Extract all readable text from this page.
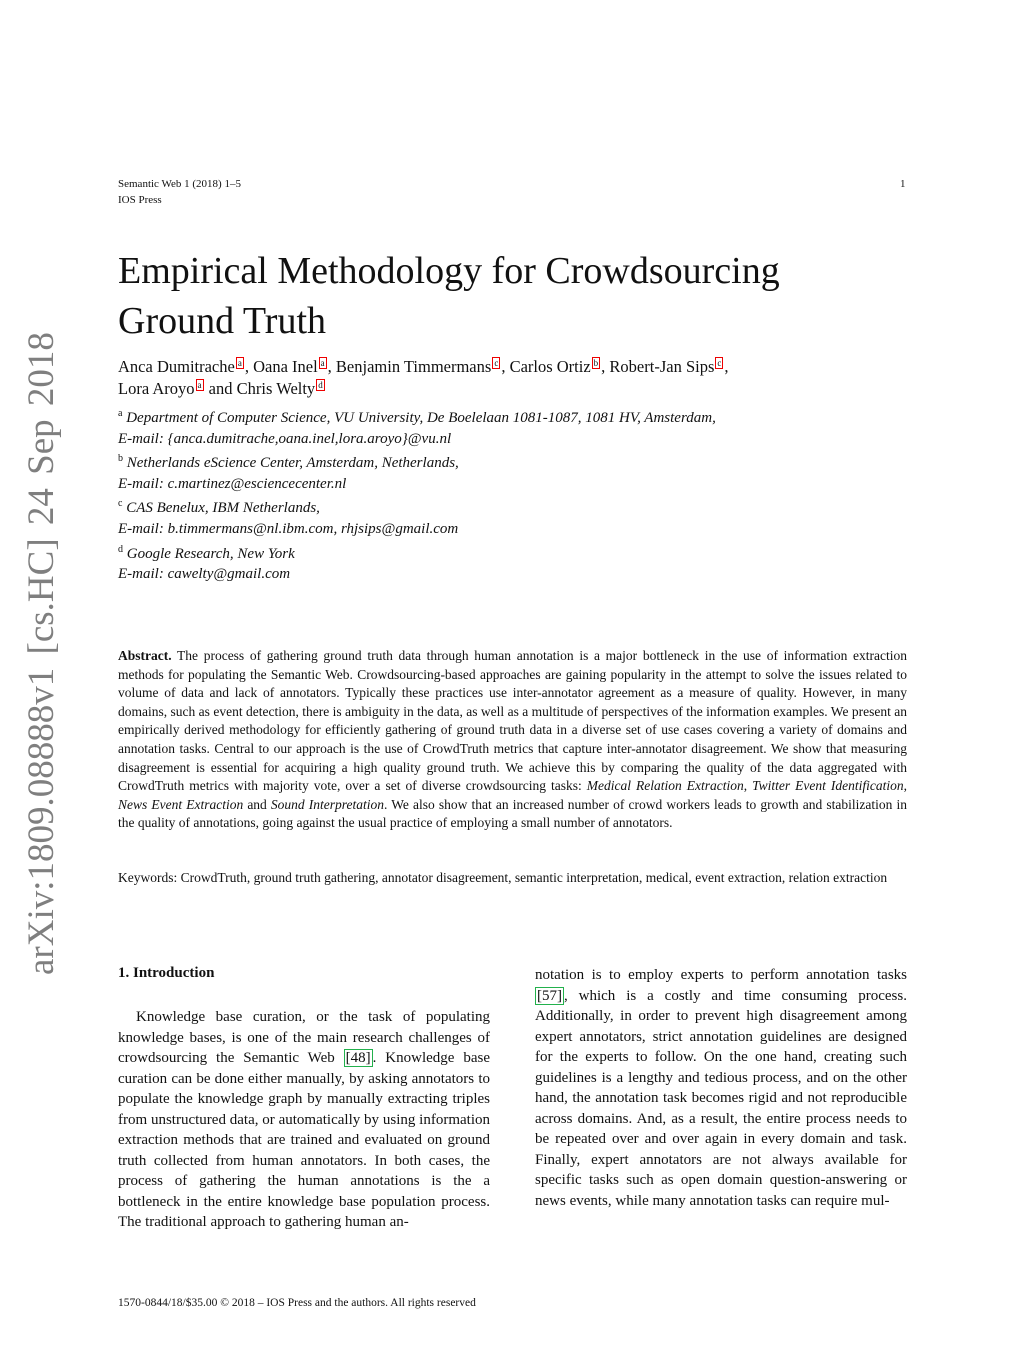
arXiv:1809.08888v1 [cs.HC] 24 Sep 2018
Semantic Web 1 (2018) 1–5
IOS Press
1
Empirical Methodology for Crowdsourcing
Ground Truth
Anca Dumitrache a , Oana Inel a , Benjamin Timmermans c , Carlos Ortiz b , Robert-Jan Sips c ,
Lora Aroyo a and Chris Welty d
$^a$ Department of Computer Science, VU University, De Boelelaan 1081-1087, 1081 HV, Amsterdam,
E-mail: {anca.dumitrache,oana.inel,lora.aroyo}@vu.nl
$^b$ Netherlands eScience Center, Amsterdam, Netherlands,
E-mail: c.martinez@esciencecenter.nl
$^c$ CAS Benelux, IBM Netherlands,
E-mail: b.timmermans@nl.ibm.com, rhjsips@gmail.com
$^d$ Google Research, New York
E-mail: cawelty@gmail.com
Abstract. The process of gathering ground truth data through human annotation is a major bottleneck in the use of information extraction methods for populating the Semantic Web. Crowdsourcing-based approaches are gaining popularity in the attempt to solve the issues related to volume of data and lack of annotators. Typically these practices use inter-annotator agreement as a measure of quality. However, in many domains, such as event detection, there is ambiguity in the data, as well as a multitude of perspectives of the information examples. We present an empirically derived methodology for efficiently gathering of ground truth data in a diverse set of use cases covering a variety of domains and annotation tasks. Central to our approach is the use of CrowdTruth metrics that capture inter-annotator disagreement. We show that measuring disagreement is essential for acquiring a high quality ground truth. We achieve this by comparing the quality of the data aggregated with CrowdTruth metrics with majority vote, over a set of diverse crowdsourcing tasks: Medical Relation Extraction, Twitter Event Identification, News Event Extraction and Sound Interpretation. We also show that an increased number of crowd workers leads to growth and stabilization in the quality of annotations, going against the usual practice of employing a small number of annotators.
Keywords: CrowdTruth, ground truth gathering, annotator disagreement, semantic interpretation, medical, event extraction, relation extraction
1. Introduction
Knowledge base curation, or the task of populating knowledge bases, is one of the main research challenges of crowdsourcing the Semantic Web [48] . Knowledge base curation can be done either manually, by asking annotators to populate the knowledge graph by manually extracting triples from unstructured data, or automatically by using information extraction methods that are trained and evaluated on ground truth collected from human annotators. In both cases, the process of gathering the human annotations is the a bottleneck in the entire knowledge base population process. The traditional approach to gathering human an-
notation is to employ experts to perform annotation tasks [57] , which is a costly and time consuming process. Additionally, in order to prevent high disagreement among expert annotators, strict annotation guidelines are designed for the experts to follow. On the one hand, creating such guidelines is a lengthy and tedious process, and on the other hand, the annotation task becomes rigid and not reproducible across domains. And, as a result, the entire process needs to be repeated over and over again in every domain and task. Finally, expert annotators are not always available for specific tasks such as open domain question-answering or news events, while many annotation tasks can require mul-
1570-0844/18/$35.00 © 2018 – IOS Press and the authors. All rights reserved
